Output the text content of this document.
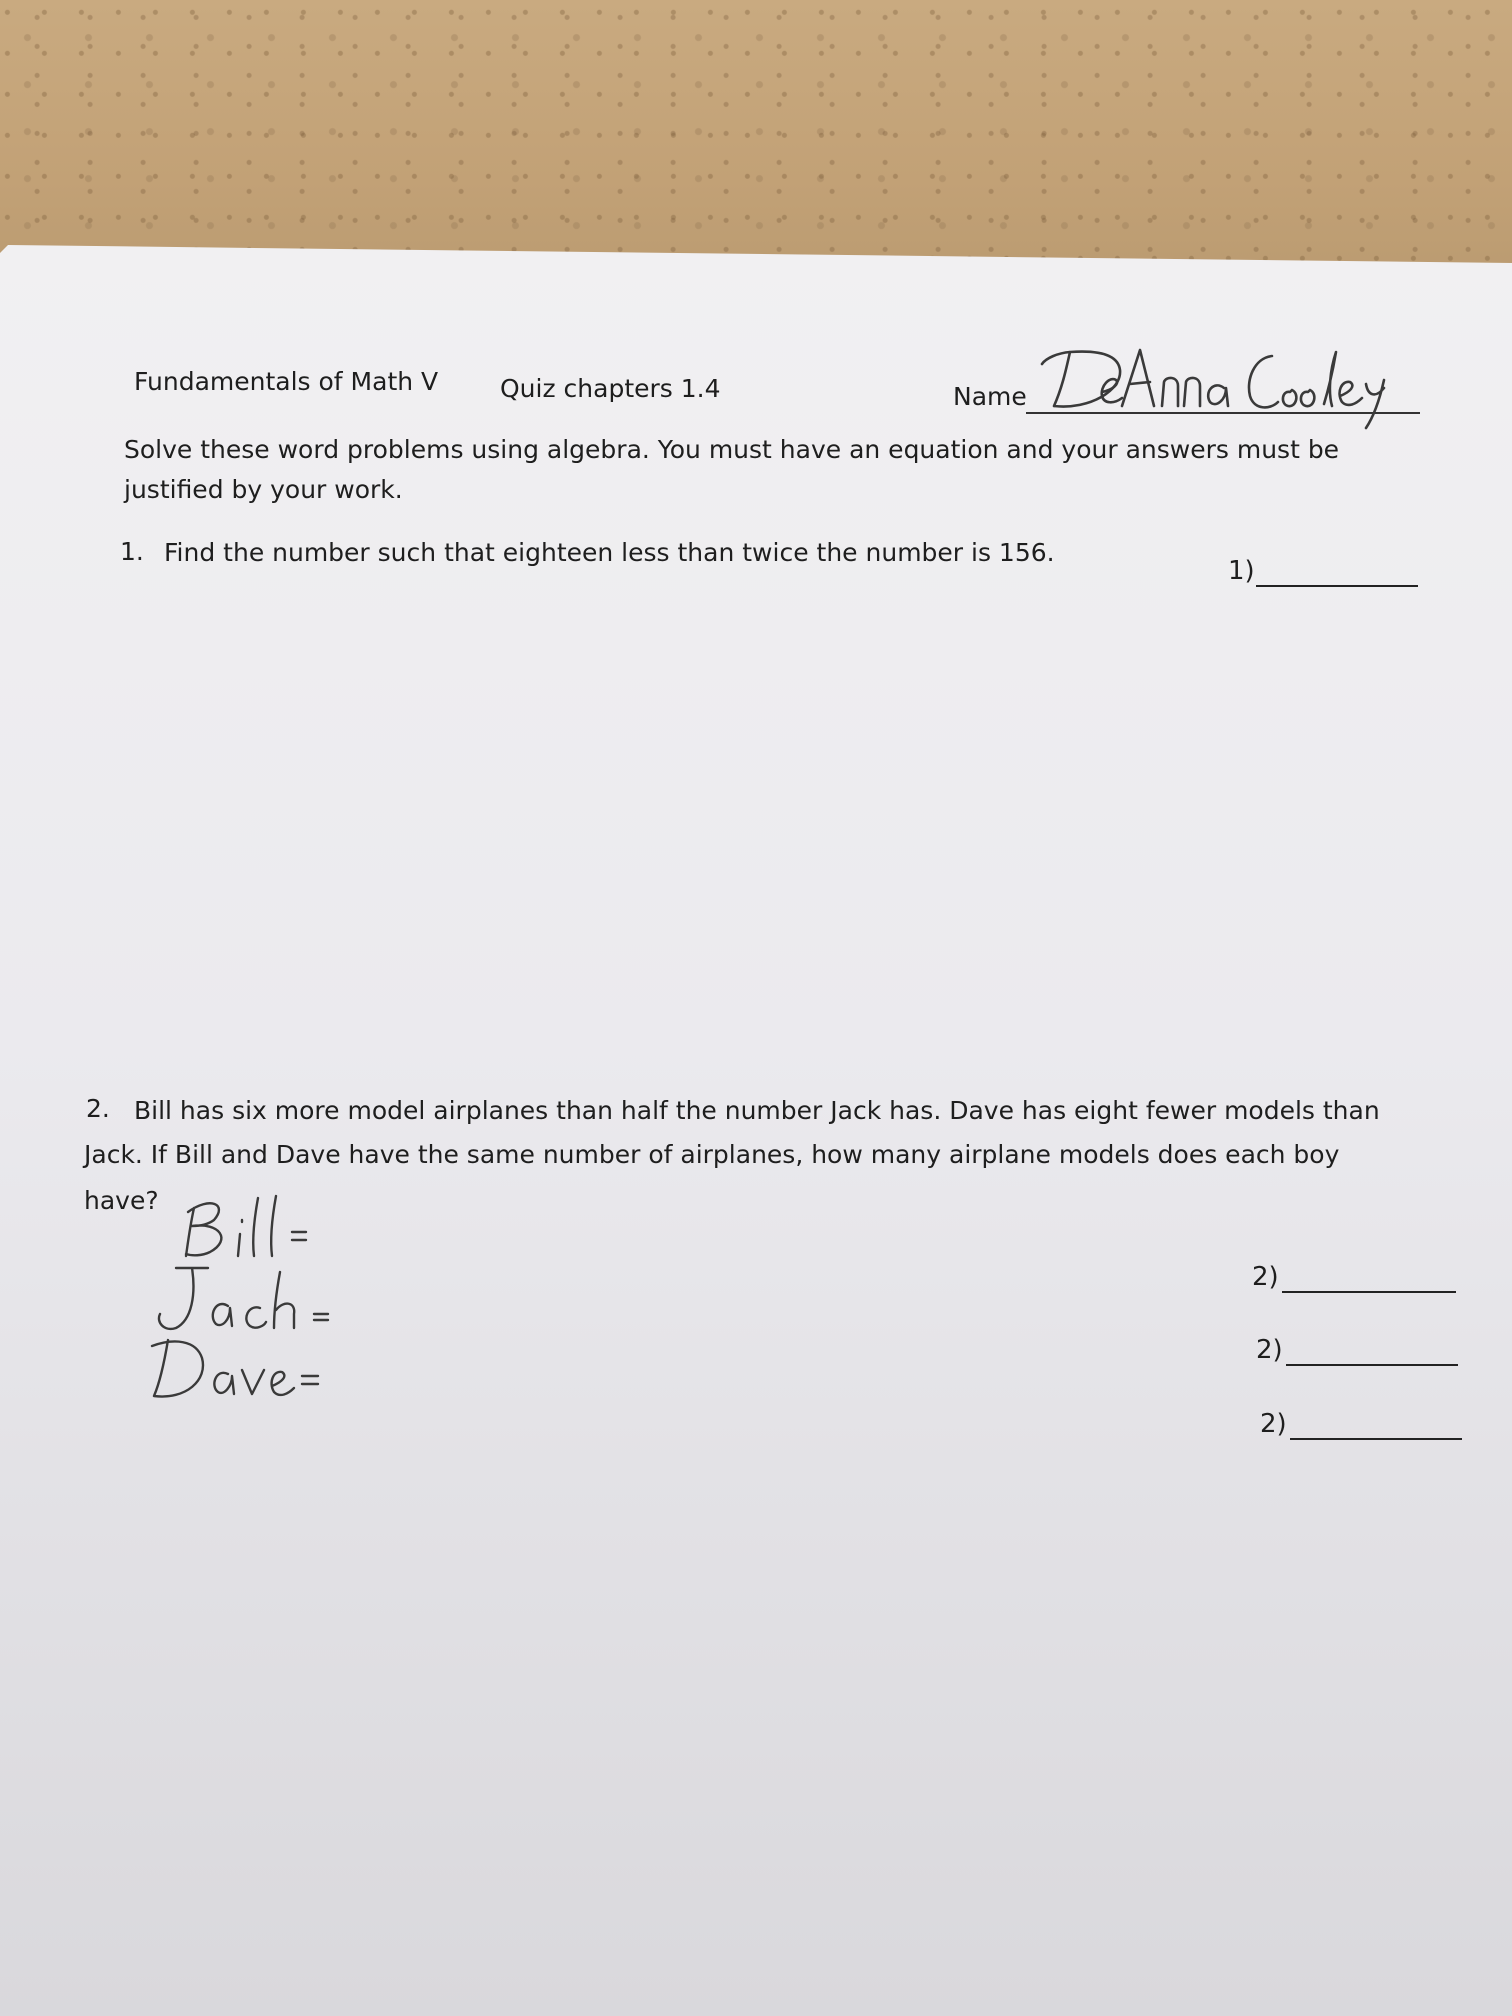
Fundamentals of Math V Quiz chapters 1.4	Name
Solve these word problems using algebra. You must have an equation and your answers must be justified by your work.
1. Find the number such that eighteen less than twice the number is 156.
1)
2. Bill has six more model airplanes than half the number Jack has. Dave has eight fewer models than
Jack. If Bill and Dave have the same number of airplanes, how many airplane models does each boy
have?
2)
2)
2)
